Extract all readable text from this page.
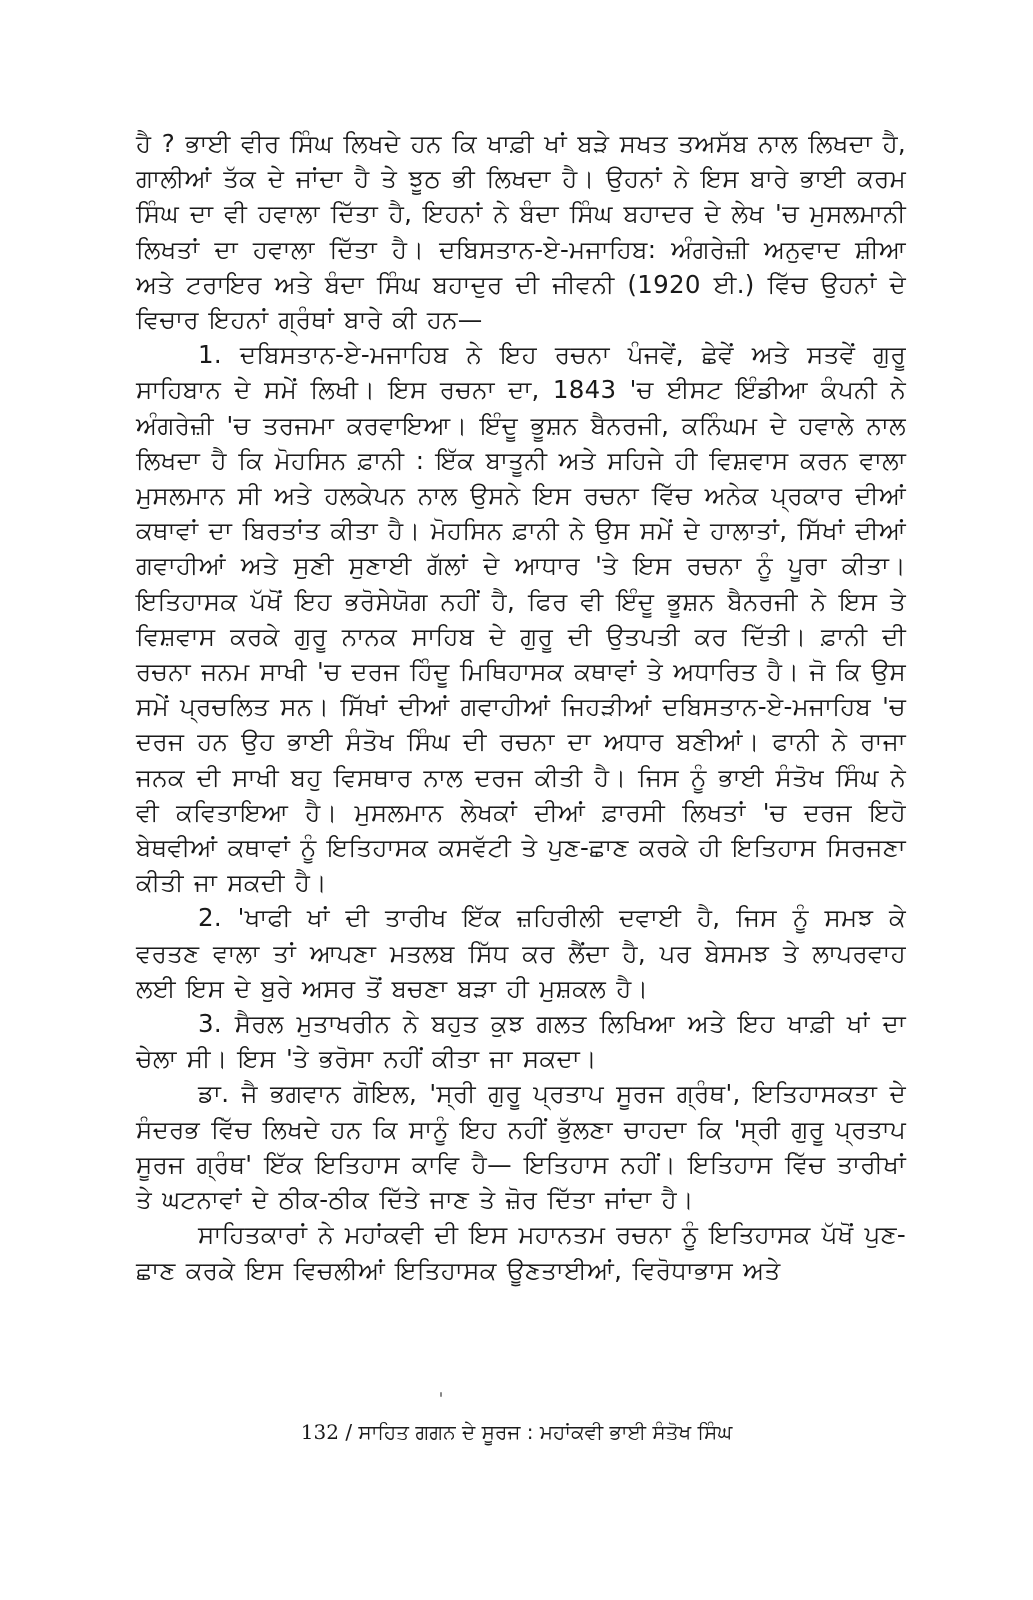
ਹੈ ? ਭਾਈ ਵੀਰ ਸਿੰਘ ਲਿਖਦੇ ਹਨ ਕਿ ਖਾਫ਼ੀ ਖਾਂ ਬੜੇ ਸਖਤ ਤਅਸੱਬ ਨਾਲ ਲਿਖਦਾ ਹੈ, ਗਾਲੀਆਂ ਤੱਕ ਦੇ ਜਾਂਦਾ ਹੈ ਤੇ ਝੂਠ ਭੀ ਲਿਖਦਾ ਹੈ। ਉਹਨਾਂ ਨੇ ਇਸ ਬਾਰੇ ਭਾਈ ਕਰਮ ਸਿੰਘ ਦਾ ਵੀ ਹਵਾਲਾ ਦਿੱਤਾ ਹੈ, ਇਹਨਾਂ ਨੇ ਬੰਦਾ ਸਿੰਘ ਬਹਾਦਰ ਦੇ ਲੇਖ 'ਚ ਮੁਸਲਮਾਨੀ ਲਿਖਤਾਂ ਦਾ ਹਵਾਲਾ ਦਿੱਤਾ ਹੈ। ਦਬਿਸਤਾਨ-ਏ-ਮਜਾਹਿਬ: ਅੰਗਰੇਜ਼ੀ ਅਨੁਵਾਦ ਸ਼ੀਆ ਅਤੇ ਟਰਾਇਰ ਅਤੇ ਬੰਦਾ ਸਿੰਘ ਬਹਾਦੁਰ ਦੀ ਜੀਵਨੀ (1920 ਈ.) ਵਿੱਚ ਉਹਨਾਂ ਦੇ ਵਿਚਾਰ ਇਹਨਾਂ ਗ੍ਰੰਥਾਂ ਬਾਰੇ ਕੀ ਹਨ—

1. ਦਬਿਸਤਾਨ-ਏ-ਮਜਾਹਿਬ ਨੇ ਇਹ ਰਚਨਾ ਪੰਜਵੇਂ, ਛੇਵੇਂ ਅਤੇ ਸਤਵੇਂ ਗੁਰੂ ਸਾਹਿਬਾਨ ਦੇ ਸਮੇਂ ਲਿਖੀ। ਇਸ ਰਚਨਾ ਦਾ, 1843 'ਚ ਈਸਟ ਇੰਡੀਆ ਕੰਪਨੀ ਨੇ ਅੰਗਰੇਜ਼ੀ 'ਚ ਤਰਜਮਾ ਕਰਵਾਇਆ। ਇੰਦੂ ਭੂਸ਼ਨ ਬੈਨਰਜੀ, ਕਨਿੰਘਮ ਦੇ ਹਵਾਲੇ ਨਾਲ ਲਿਖਦਾ ਹੈ ਕਿ ਮੋਹਸਿਨ ਫ਼ਾਨੀ : ਇੱਕ ਬਾਤੂਨੀ ਅਤੇ ਸਹਿਜੇ ਹੀ ਵਿਸ਼ਵਾਸ ਕਰਨ ਵਾਲਾ ਮੁਸਲਮਾਨ ਸੀ ਅਤੇ ਹਲਕੇਪਨ ਨਾਲ ਉਸਨੇ ਇਸ ਰਚਨਾ ਵਿੱਚ ਅਨੇਕ ਪ੍ਰਕਾਰ ਦੀਆਂ ਕਥਾਵਾਂ ਦਾ ਬਿਰਤਾਂਤ ਕੀਤਾ ਹੈ। ਮੋਹਸਿਨ ਫ਼ਾਨੀ ਨੇ ਉਸ ਸਮੇਂ ਦੇ ਹਾਲਾਤਾਂ, ਸਿੱਖਾਂ ਦੀਆਂ ਗਵਾਹੀਆਂ ਅਤੇ ਸੁਣੀ ਸੁਣਾਈ ਗੱਲਾਂ ਦੇ ਆਧਾਰ 'ਤੇ ਇਸ ਰਚਨਾ ਨੂੰ ਪੂਰਾ ਕੀਤਾ। ਇਤਿਹਾਸਕ ਪੱਖੋਂ ਇਹ ਭਰੋਸੇਯੋਗ ਨਹੀਂ ਹੈ, ਫਿਰ ਵੀ ਇੰਦੂ ਭੂਸ਼ਨ ਬੈਨਰਜੀ ਨੇ ਇਸ ਤੇ ਵਿਸ਼ਵਾਸ ਕਰਕੇ ਗੁਰੂ ਨਾਨਕ ਸਾਹਿਬ ਦੇ ਗੁਰੂ ਦੀ ਉਤਪਤੀ ਕਰ ਦਿੱਤੀ। ਫ਼ਾਨੀ ਦੀ ਰਚਨਾ ਜਨਮ ਸਾਖੀ 'ਚ ਦਰਜ ਹਿੰਦੂ ਮਿਥਿਹਾਸਕ ਕਥਾਵਾਂ ਤੇ ਅਧਾਰਿਤ ਹੈ। ਜੋ ਕਿ ਉਸ ਸਮੇਂ ਪ੍ਰਚਲਿਤ ਸਨ। ਸਿੱਖਾਂ ਦੀਆਂ ਗਵਾਹੀਆਂ ਜਿਹੜੀਆਂ ਦਬਿਸਤਾਨ-ਏ-ਮਜਾਹਿਬ 'ਚ ਦਰਜ ਹਨ ਉਹ ਭਾਈ ਸੰਤੋਖ ਸਿੰਘ ਦੀ ਰਚਨਾ ਦਾ ਅਧਾਰ ਬਣੀਆਂ। ਫਾਨੀ ਨੇ ਰਾਜਾ ਜਨਕ ਦੀ ਸਾਖੀ ਬਹੁ ਵਿਸਥਾਰ ਨਾਲ ਦਰਜ ਕੀਤੀ ਹੈ। ਜਿਸ ਨੂੰ ਭਾਈ ਸੰਤੋਖ ਸਿੰਘ ਨੇ ਵੀ ਕਵਿਤਾਇਆ ਹੈ। ਮੁਸਲਮਾਨ ਲੇਖਕਾਂ ਦੀਆਂ ਫ਼ਾਰਸੀ ਲਿਖਤਾਂ 'ਚ ਦਰਜ ਇਹੋ ਬੇਥਵੀਆਂ ਕਥਾਵਾਂ ਨੂੰ ਇਤਿਹਾਸਕ ਕਸਵੱਟੀ ਤੇ ਪੁਣ-ਛਾਣ ਕਰਕੇ ਹੀ ਇਤਿਹਾਸ ਸਿਰਜਣਾ ਕੀਤੀ ਜਾ ਸਕਦੀ ਹੈ।

2. 'ਖਾਫੀ ਖਾਂ ਦੀ ਤਾਰੀਖ ਇੱਕ ਜ਼ਹਿਰੀਲੀ ਦਵਾਈ ਹੈ, ਜਿਸ ਨੂੰ ਸਮਝ ਕੇ ਵਰਤਣ ਵਾਲਾ ਤਾਂ ਆਪਣਾ ਮਤਲਬ ਸਿੱਧ ਕਰ ਲੈਂਦਾ ਹੈ, ਪਰ ਬੇਸਮਝ ਤੇ ਲਾਪਰਵਾਹ ਲਈ ਇਸ ਦੇ ਬੁਰੇ ਅਸਰ ਤੋਂ ਬਚਣਾ ਬੜਾ ਹੀ ਮੁਸ਼ਕਲ ਹੈ।

3. ਸੈਰਲ ਮੁਤਾਖਰੀਨ ਨੇ ਬਹੁਤ ਕੁਝ ਗਲਤ ਲਿਖਿਆ ਅਤੇ ਇਹ ਖਾਫ਼ੀ ਖਾਂ ਦਾ ਚੇਲਾ ਸੀ। ਇਸ 'ਤੇ ਭਰੋਸਾ ਨਹੀਂ ਕੀਤਾ ਜਾ ਸਕਦਾ।

ਡਾ. ਜੈ ਭਗਵਾਨ ਗੋਇਲ, 'ਸ੍ਰੀ ਗੁਰੂ ਪ੍ਰਤਾਪ ਸੂਰਜ ਗ੍ਰੰਥ', ਇਤਿਹਾਸਕਤਾ ਦੇ ਸੰਦਰਭ ਵਿੱਚ ਲਿਖਦੇ ਹਨ ਕਿ ਸਾਨੂੰ ਇਹ ਨਹੀਂ ਭੁੱਲਣਾ ਚਾਹਦਾ ਕਿ 'ਸ੍ਰੀ ਗੁਰੂ ਪ੍ਰਤਾਪ ਸੂਰਜ ਗ੍ਰੰਥ' ਇੱਕ ਇਤਿਹਾਸ ਕਾਵਿ ਹੈ— ਇਤਿਹਾਸ ਨਹੀਂ। ਇਤਿਹਾਸ ਵਿੱਚ ਤਾਰੀਖਾਂ ਤੇ ਘਟਨਾਵਾਂ ਦੇ ਠੀਕ-ਠੀਕ ਦਿੱਤੇ ਜਾਣ ਤੇ ਜ਼ੋਰ ਦਿੱਤਾ ਜਾਂਦਾ ਹੈ।

ਸਾਹਿਤਕਾਰਾਂ ਨੇ ਮਹਾਂਕਵੀ ਦੀ ਇਸ ਮਹਾਨਤਮ ਰਚਨਾ ਨੂੰ ਇਤਿਹਾਸਕ ਪੱਖੋਂ ਪੁਣ-ਛਾਣ ਕਰਕੇ ਇਸ ਵਿਚਲੀਆਂ ਇਤਿਹਾਸਕ ਊਣਤਾਈਆਂ, ਵਿਰੋਧਾਭਾਸ ਅਤੇ

132 / ਸਾਹਿਤ ਗਗਨ ਦੇ ਸੂਰਜ : ਮਹਾਂਕਵੀ ਭਾਈ ਸੰਤੋਖ ਸਿੰਘ
